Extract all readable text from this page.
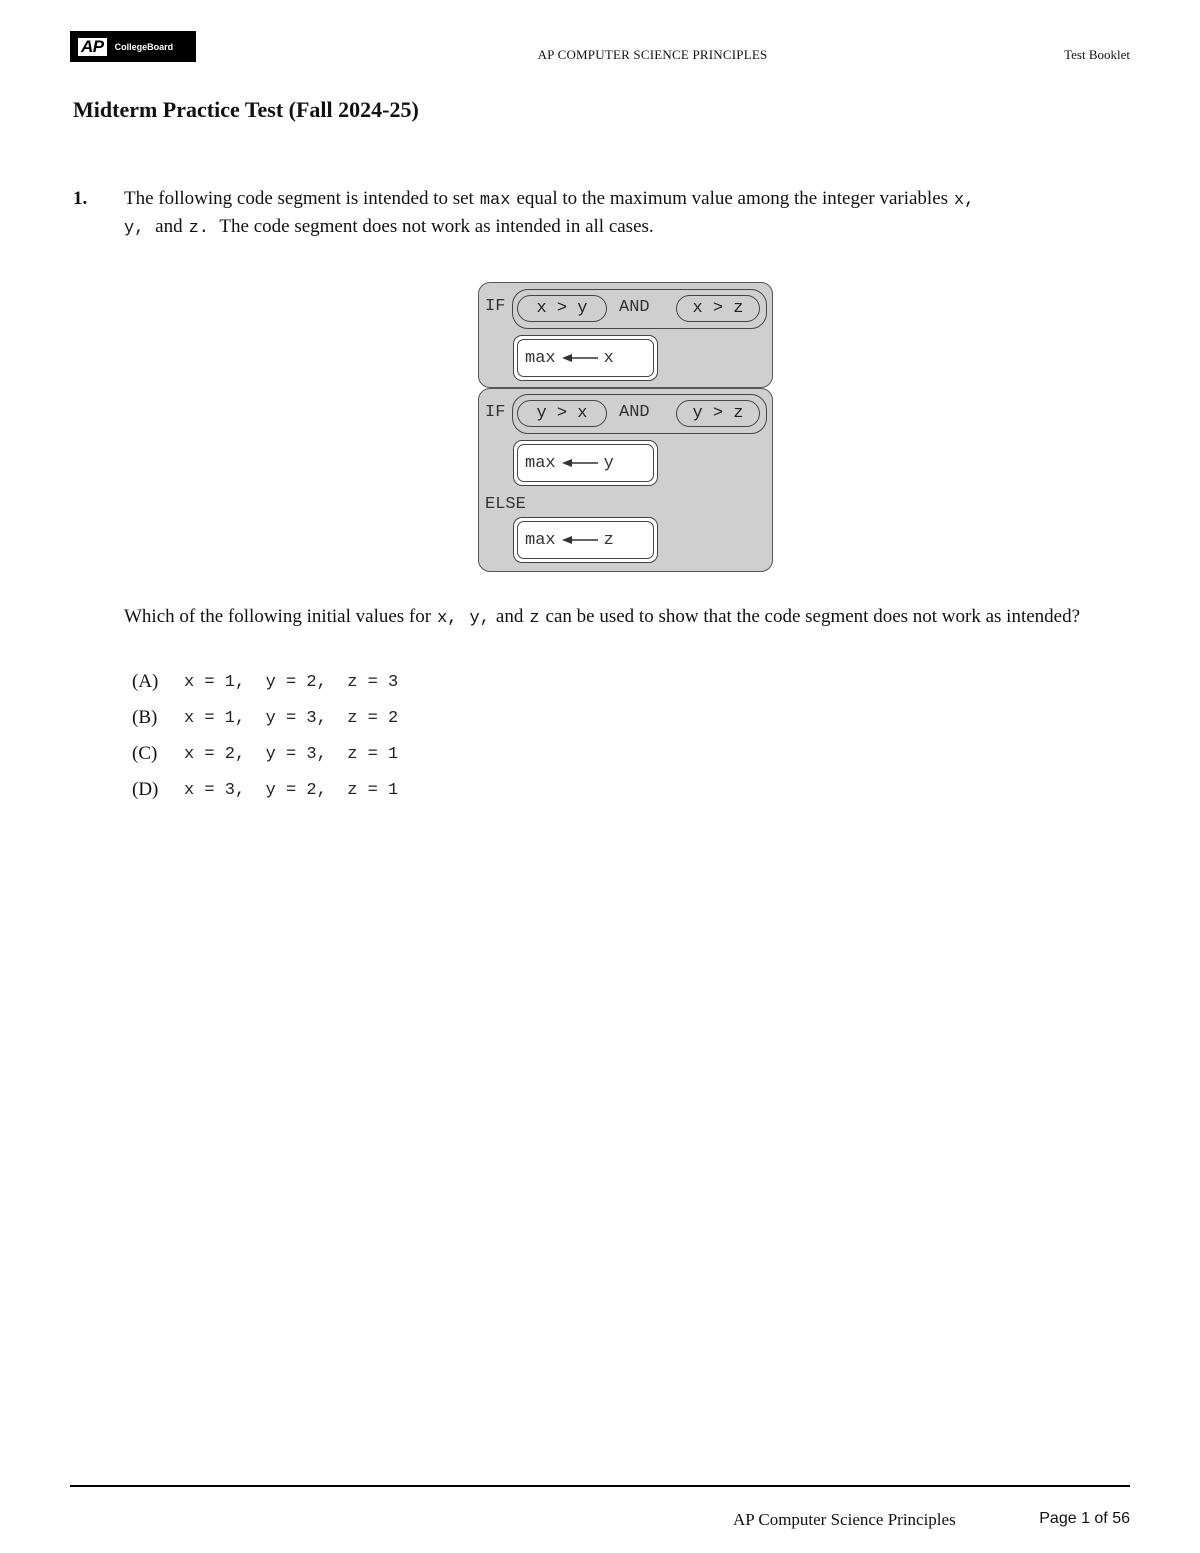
AP	CollegeBoard
AP COMPUTER SCIENCE PRINCIPLES	Test Booklet
Midterm Practice Test (Fall 2024-25)
1. The following code segment is intended to set max equal to the maximum value among the integer variables x,
y, and z. The code segment does not work as intended in all cases.
IF	x > y	AND	x > z
max	x
IF	y > x	AND	y > z
max	y
ELSE
max	z
Which of the following initial values for x, y, and z can be used to show that the code segment does not work as intended?
(A)	x = 1,  y = 2,  z = 3
(B)	x = 1,  y = 3,  z = 2
(C)	x = 2,  y = 3,  z = 1
(D)	x = 3,  y = 2,  z = 1
AP Computer Science Principles	Page 1 of 56
